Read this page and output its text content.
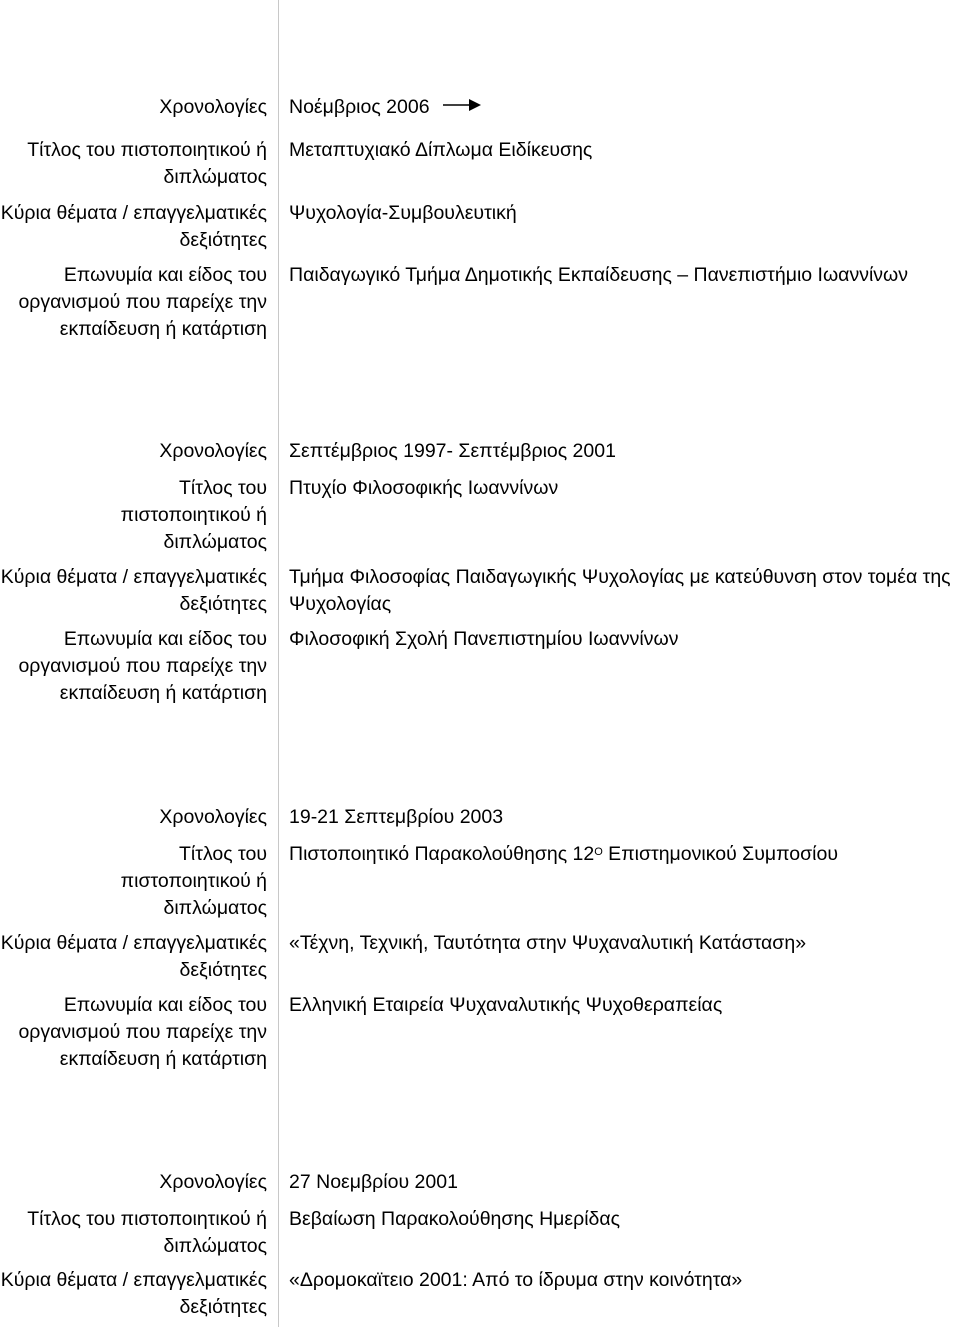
Χρονολογίες Νοέμβριος 2006
Τίτλος του πιστοποιητικού ή διπλώματος
Μεταπτυχιακό Δίπλωμα Ειδίκευσης
Κύρια θέματα / επαγγελματικές δεξιότητες
Ψυχολογία-Συμβουλευτική
Επωνυμία και είδος του οργανισμού που παρείχε την εκπαίδευση ή κατάρτιση
Παιδαγωγικό Τμήμα Δημοτικής Εκπαίδευσης – Πανεπιστήμιο Ιωαννίνων
Χρονολογίες Σεπτέμβριος 1997- Σεπτέμβριος 2001
Τίτλος του πιστοποιητικού ή διπλώματος
Πτυχίο Φιλοσοφικής Ιωαννίνων
Κύρια θέματα / επαγγελματικές δεξιότητες
Τμήμα Φιλοσοφίας Παιδαγωγικής Ψυχολογίας με κατεύθυνση στον τομέα της Ψυχολογίας
Επωνυμία και είδος του οργανισμού που παρείχε την εκπαίδευση ή κατάρτιση
Φιλοσοφική Σχολή Πανεπιστημίου Ιωαννίνων
Χρονολογίες 19-21 Σεπτεμβρίου 2003
Τίτλος του πιστοποιητικού ή διπλώματος
Πιστοποιητικό Παρακολούθησης $12^O$ Επιστημονικού Συμποσίου
Κύρια θέματα / επαγγελματικές δεξιότητες
«Τέχνη, Τεχνική, Ταυτότητα στην Ψυχαναλυτική Κατάσταση»
Επωνυμία και είδος του οργανισμού που παρείχε την εκπαίδευση ή κατάρτιση
Ελληνική Εταιρεία Ψυχαναλυτικής Ψυχοθεραπείας
Χρονολογίες 27 Νοεμβρίου 2001
Τίτλος του πιστοποιητικού ή διπλώματος
Βεβαίωση Παρακολούθησης Ημερίδας
Κύρια θέματα / επαγγελματικές δεξιότητες
«Δρομοκαϊτειο 2001: Από το ίδρυμα στην κοινότητα»
